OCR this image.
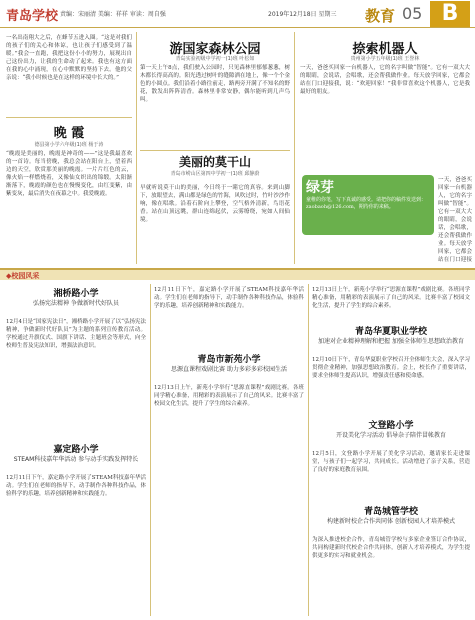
青岛学校 责编：宋丽清 美编：祥祥 审读：周自强	2019年12月18日 星期三 教育 05 B
一名出南翔大之后，在蜂节五进入圈。“这是对我们的孩子们的关心和体谅，也让孩子们感受到了温暖。”我会一直跑，我把这份小小的努力，展现出自己这份出力，让我的生命动了起来。我也有这方面在我的心中涌现，在心中默默的坚持下去。他的父亲说：“我小时候也是在这样的环境中长大的。”
晚 霞
德县第小学六年级(1)班 杨于涛
“晚霞是美丽的，晚霞是神奇的——”这是我最喜欢的一首诗。每当傍晚，我总会站在阳台上，望着西边的天空，欣赏那美丽的晚霞。一片片红色的云，像火焰一样燃烧着，又像仙女织出的锦缎。太阳渐渐落下，晚霞的颜色也在慢慢变化，由红变紫，由紫变灰，最后消失在夜幕之中。我爱晚霞。
游国家森林公园
青岛实验初级中学初一(1)班 叶松如
第一天上午8点，我们驶入公园时，只见森林里郁郁葱葱，树木都长得高高的。阳光透过树叶的缝隙洒在地上，像一个个金色的小圆点。我们沿着小路往前走，路两旁开满了不知名的野花，散发出阵阵清香。森林里非常安静，偶尔能听到几声鸟叫。
美丽的莫干山
青岛市崂山区第四中学初一(1)班 邱静蔚
早就听说莫干山的美丽，今日终于一睹它的真容。来到山脚下，放眼望去，满山都是绿色的竹海，风吹过时，竹叶沙沙作响，像在唱歌。沿着石阶向上攀登，空气格外清新，鸟语花香。站在山顶远眺，群山连绵起伏，云雾缭绕，宛如人间仙境。
捺索机器人
贵州第小学五年级(1)班 王誉林
一天，爸爸买回家一台机器人，它的名字叫做“智能”。它有一双大大的眼睛，会说话，会唱歌，还会帮我做作业。每天放学回家，它都会站在门口迎接我，说：“欢迎回家！”我非常喜欢这个机器人，它是我最好的朋友。
绿芽
童稚的你笔，写下真诚的感受。请把你的稿件发送到：zaobaoh@126.com，期待你的来稿。
一天，爸爸买回家一台机器人，它的名字叫做“智能”。它有一双大大的眼睛，会说话，会唱歌，还会帮我做作业。每天放学回家，它都会站在门口迎接
◆校园风采
湘桥路小学
弘扬宪法精神 争做新时代好队员
12月4日是“国家宪法日”，湘桥路小学开展了以“弘扬宪法精神，争做新时代好队员”为主题的系列宣传教育活动。学校通过升旗仪式、国旗下讲话、主题班会等形式，向全校师生普及宪法知识，增强法治意识。
嘉定路小学
STEAM科技嘉年华活动 参与动手实践发挥特长
12月11日下午，嘉定路小学开展了STEAM科技嘉年华活动。学生们在老师的指导下，动手制作各种科技作品，体验科学的乐趣，培养创新精神和实践能力。
12月11日下午，嘉定路小学开展了STEAM科技嘉年华活动。学生们在老师的指导下，动手制作各种科技作品，体验科学的乐趣，培养创新精神和实践能力。
青岛市新苑小学
思源直课程戏剧比赛 助力多彩多彩校园生活
12月13日上午，新苑小学举行“思源直课程”戏剧比赛。各班同学精心准备，用精彩的表演展示了自己的风采。比赛丰富了校园文化生活，提升了学生的综合素养。
12月13日上午，新苑小学举行“思源直课程”戏剧比赛。各班同学精心准备，用精彩的表演展示了自己的风采。比赛丰富了校园文化生活，提升了学生的综合素养。
青岛华夏职业学校
加速对企业精神理解和把握 加强全体师生思想政治教育
12月10日下午，青岛华夏职业学校召开全体师生大会，深入学习贯彻企业精神，加强思想政治教育。会上，校长作了重要讲话，要求全体师生提高认识，增强责任感和使命感。
文登路小学
开设美化学习活动 倡导杂子陪伴冒帐教育
12月5日，文登路小学开展了美化学习活动，邀请家长走进课堂，与孩子们一起学习，共同成长。活动增进了亲子关系，营造了良好的家庭教育氛围。
青岛城管学校
构建新时校企合作共同体 创新校园人才培养模式
为深入推进校企合作，青岛城管学校与多家企业签订合作协议，共同构建新时代校企合作共同体，创新人才培养模式，为学生提供更多的实习和就业机会。
